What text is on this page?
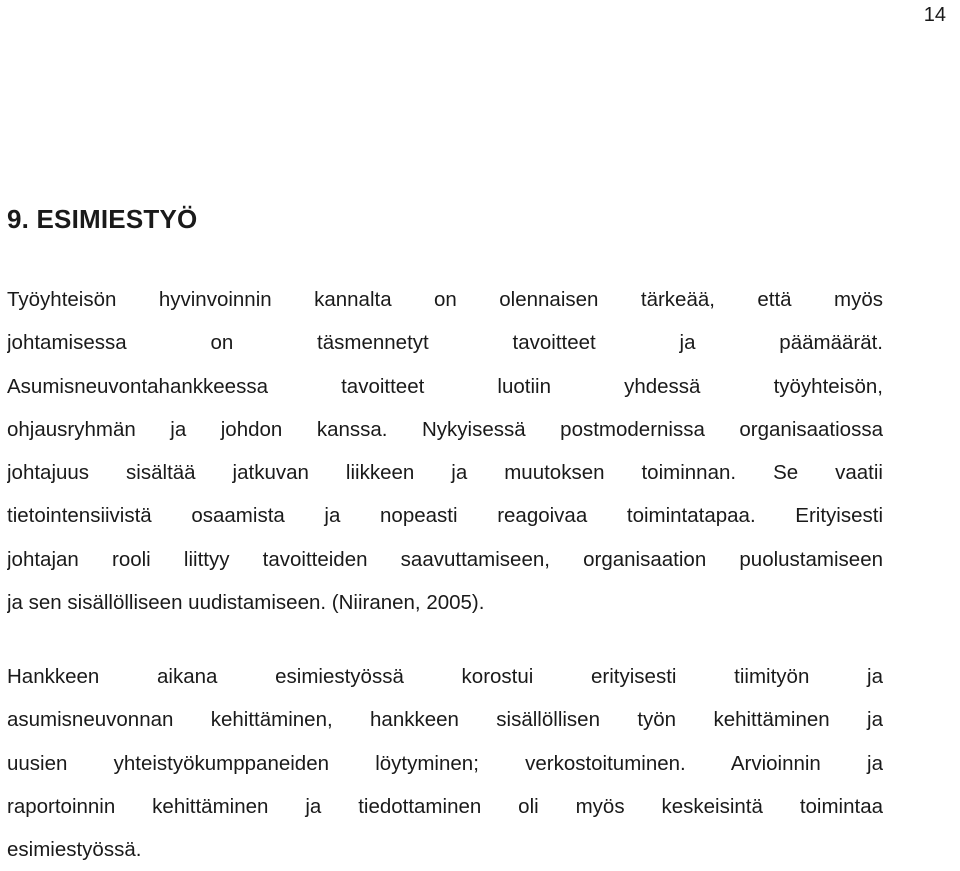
14
9. ESIMIESTYÖ
Työyhteisön hyvinvoinnin kannalta on olennaisen tärkeää, että myös
johtamisessa on täsmennetyt tavoitteet ja päämäärät.
Asumisneuvontahankkeessa tavoitteet luotiin yhdessä työyhteisön,
ohjausryhmän ja johdon kanssa. Nykyisessä postmodernissa organisaatiossa
johtajuus sisältää jatkuvan liikkeen ja muutoksen toiminnan. Se vaatii
tietointensiivistä osaamista ja nopeasti reagoivaa toimintatapaa. Erityisesti
johtajan rooli liittyy tavoitteiden saavuttamiseen, organisaation puolustamiseen
ja sen sisällölliseen uudistamiseen. (Niiranen, 2005).
Hankkeen aikana esimiestyössä korostui erityisesti tiimityön ja
asumisneuvonnan kehittäminen, hankkeen sisällöllisen työn kehittäminen ja
uusien yhteistyökumppaneiden löytyminen; verkostoituminen. Arvioinnin ja
raportoinnin kehittäminen ja tiedottaminen oli myös keskeisintä toimintaa
esimiestyössä.
